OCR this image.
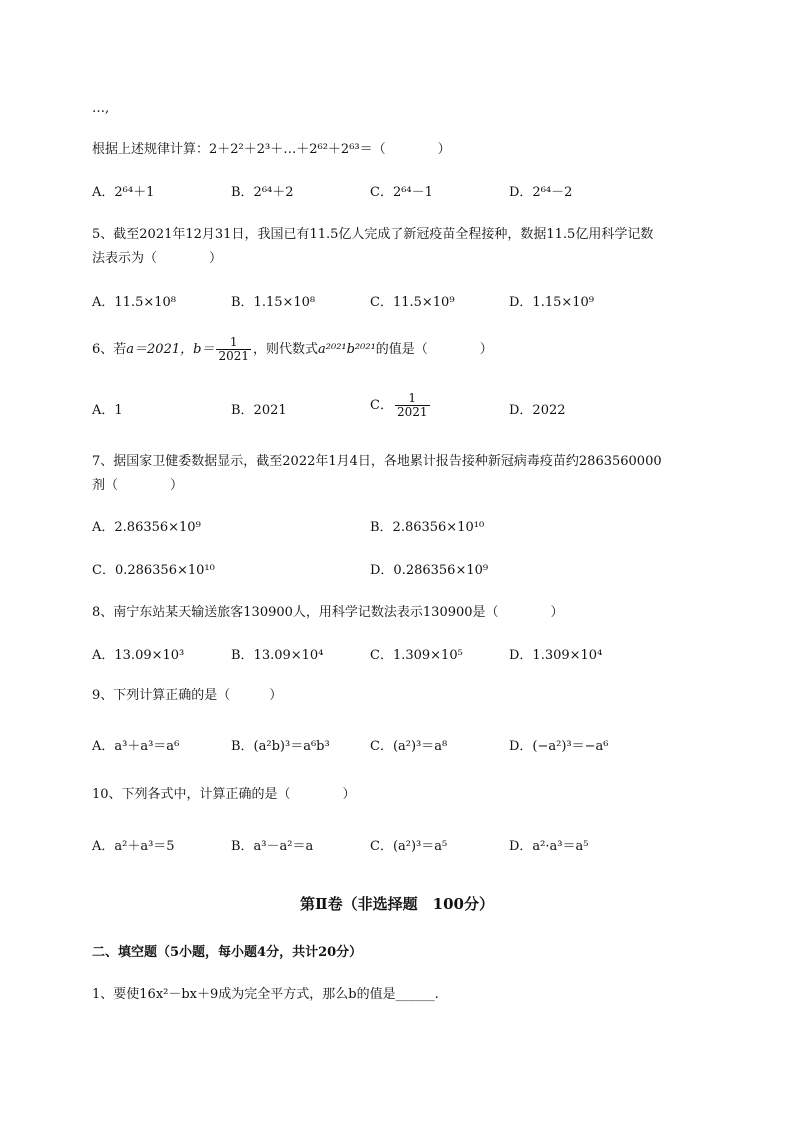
…,
根据上述规律计算：2＋2²＋2³＋…＋2⁶²＋2⁶³＝（　　　　）
A．2⁶⁴＋1	B．2⁶⁴＋2	C．2⁶⁴－1	D．2⁶⁴－2
5、截至2021年12月31日，我国已有11.5亿人完成了新冠疫苗全程接种，数据11.5亿用科学记数
法表示为（　　　　）
A．11.5×10⁸	B．1.15×10⁸	C．11.5×10⁹	D．1.15×10⁹
6、若a＝2021，$b= \frac{1}{2021}$ ，则代数式a²⁰²¹b²⁰²¹的值是（　　　　）
A．1	B．2021	C． $\frac{1}{2021}$	D．2022
7、据国家卫健委数据显示，截至2022年1月4日，各地累计报告接种新冠病毒疫苗约2863560000
剂（　　　　）
A．2.86356×10⁹	B．2.86356×10¹⁰
C．0.286356×10¹⁰	D．0.286356×10⁹
8、南宁东站某天输送旅客130900人，用科学记数法表示130900是（　　　　）
A．13.09×10³	B．13.09×10⁴	C．1.309×10⁵	D．1.309×10⁴
9、下列计算正确的是（　　　）
A．a³＋a³＝a⁶	B．(a²b)³＝a⁶b³	C．(a²)³＝a⁸	D．(−a²)³＝−a⁶
10、下列各式中，计算正确的是（　　　　）
A．a²＋a³＝5	B．a³－a²＝a	C．(a²)³＝a⁵	D．a²·a³＝a⁵
第Ⅱ卷（非选择题　100分）
二、填空题（5小题，每小题4分，共计20分）
1、要使16x²－bx＋9成为完全平方式，那么b的值是______.
